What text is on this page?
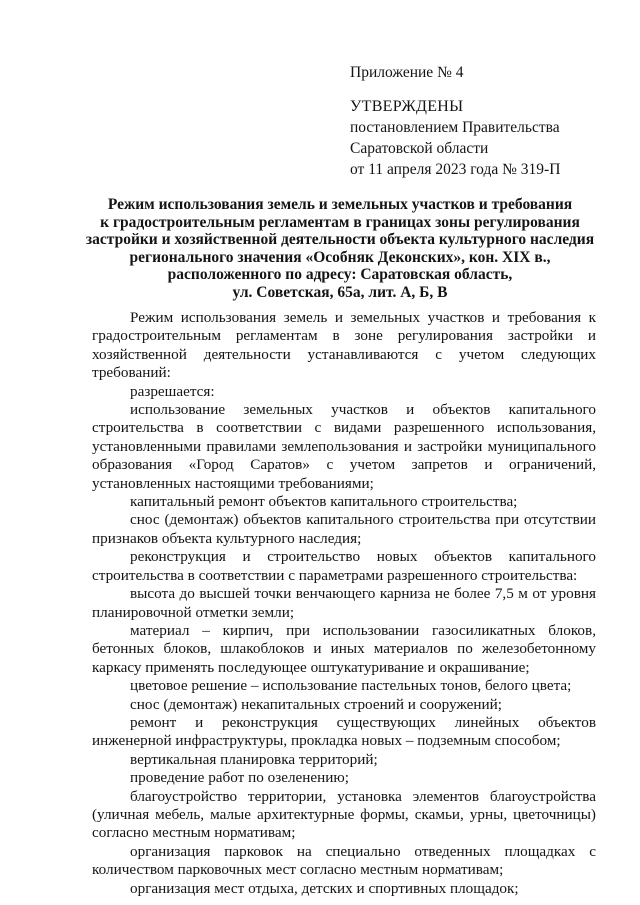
Приложение № 4
УТВЕРЖДЕНЫ
постановлением Правительства
Саратовской области
от 11 апреля 2023 года № 319-П
Режим использования земель и земельных участков и требования
к градостроительным регламентам в границах зоны регулирования
застройки и хозяйственной деятельности объекта культурного наследия
регионального значения «Особняк Деконских», кон. XIX в.,
расположенного по адресу: Саратовская область,
ул. Советская, 65а, лит. А, Б, В

Режим использования земель и земельных участков и требования к градостроительным регламентам в зоне регулирования застройки и хозяйственной деятельности устанавливаются с учетом следующих требований:

разрешается:

использование земельных участков и объектов капитального строительства в соответствии с видами разрешенного использования, установленными правилами землепользования и застройки муниципального образования «Город Саратов» с учетом запретов и ограничений, установленных настоящими требованиями;

капитальный ремонт объектов капитального строительства;

снос (демонтаж) объектов капитального строительства при отсутствии признаков объекта культурного наследия;

реконструкция и строительство новых объектов капитального строительства в соответствии с параметрами разрешенного строительства:

высота до высшей точки венчающего карниза не более 7,5 м от уровня планировочной отметки земли;

материал – кирпич, при использовании газосиликатных блоков, бетонных блоков, шлакоблоков и иных материалов по железобетонному каркасу применять последующее оштукатуривание и окрашивание;

цветовое решение – использование пастельных тонов, белого цвета;

снос (демонтаж) некапитальных строений и сооружений;

ремонт и реконструкция существующих линейных объектов инженерной инфраструктуры, прокладка новых – подземным способом;

вертикальная планировка территорий;

проведение работ по озеленению;

благоустройство территории, установка элементов благоустройства (уличная мебель, малые архитектурные формы, скамьи, урны, цветочницы) согласно местным нормативам;

организация парковок на специально отведенных площадках с количеством парковочных мест согласно местным нормативам;

организация мест отдыха, детских и спортивных площадок;
